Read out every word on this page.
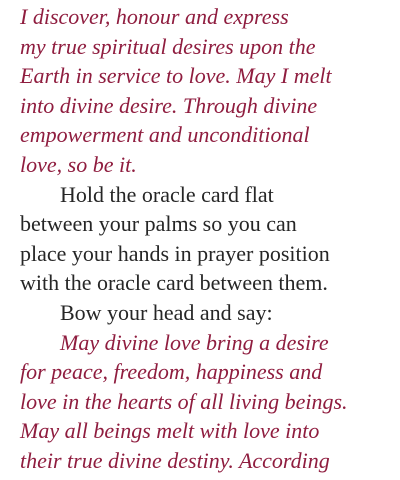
I discover, honour and express
my true spiritual desires upon the
Earth in service to love. May I melt
into divine desire. Through divine
empowerment and unconditional
love, so be it.
Hold the oracle card flat
between your palms so you can
place your hands in prayer position
with the oracle card between them.
Bow your head and say:
May divine love bring a desire
for peace, freedom, happiness and
love in the hearts of all living beings.
May all beings melt with love into
their true divine destiny. According
